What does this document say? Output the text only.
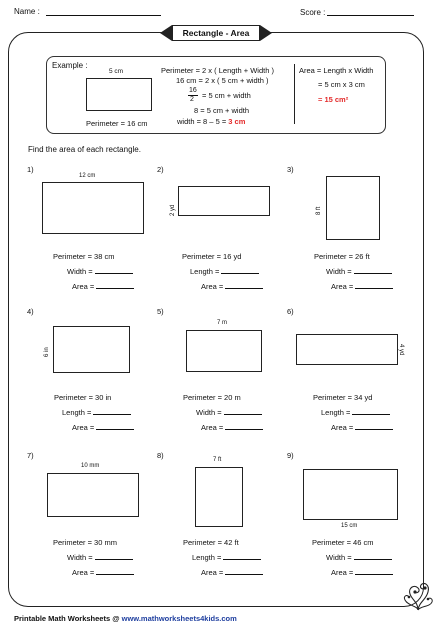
Name :	Score :
Rectangle - Area
Example :
5 cm
Perimeter = 16 cm
Perimeter = 2 x ( Length + Width )
16 cm = 2 x ( 5 cm + width )
16
2 = 5 cm + width
8 = 5 cm + width
width = 8 – 5 = 3 cm
Area = Length x Width
= 5 cm x 3 cm
= 15 cm²
Find the area of each rectangle.
1)
12 cm
Perimeter = 38 cm
Width =
Area =
2)
2 yd
Perimeter = 16 yd
Length =
Area =
3)
8 ft
Perimeter = 26 ft
Width =
Area =
4)
6 in
Perimeter = 30 in
Length =
Area =
5)
7 m
Perimeter = 20 m
Width =
Area =
6)
4 yd
Perimeter = 34 yd
Length =
Area =
7)
10 mm
Perimeter = 30 mm
Width =
Area =
8)	7 ft
Perimeter = 42 ft
Length =
Area =
9)
15 cm
Perimeter = 46 cm
Width =
Area =
Printable Math Worksheets @ www.mathworksheets4kids.com
